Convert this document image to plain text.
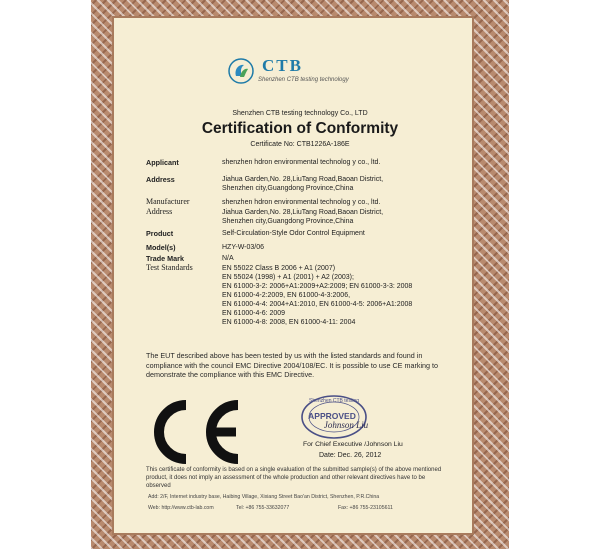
CTB
Shenzhen CTB testing technology
Shenzhen CTB testing technology Co., LTD
Certification of Conformity
Certificate No: CTB1226A-186E
Applicant	shenzhen hdron environmental technolog y co., ltd.
Address	Jiahua Garden,No. 28,LiuTang Road,Baoan District,
Shenzhen city,Guangdong Province,China
Manufacturer	shenzhen hdron environmental technolog y co., ltd.
Address	Jiahua Garden,No. 28,LiuTang Road,Baoan District,
Shenzhen city,Guangdong Province,China
Product	Self-Circulation-Style Odor Control Equipment
Model(s)	HZY-W-03/06
Trade Mark	N/A
Test Standards	EN 55022 Class B 2006 + A1 (2007)
EN 55024 (1998) + A1 (2001) + A2 (2003);
EN 61000-3-2: 2006+A1:2009+A2:2009; EN 61000-3-3: 2008
EN 61000-4-2:2009, EN 61000-4-3:2006,
EN 61000-4-4: 2004+A1:2010, EN 61000-4-5: 2006+A1:2008
EN 61000-4-6: 2009
EN 61000-4-8: 2008, EN 61000-4-11: 2004
The EUT described above has been tested by us with the listed standards and found in compliance with the council EMC Directive 2004/108/EC. It is possible to use CE marking to demonstrate the compliance with this EMC Directive.
Shenzhen CTB testing
APPROVED
Johnson Liu
For Chief Executive /Johnson Liu
Date: Dec. 26, 2012
This certificate of conformity is based on a single evaluation of the submitted sample(s) of the above mentioned product, it does not imply an assessment of the whole production and other relevant directives have to be observed
Add: 2/F, Internet industry base, Haibing Village, Xixiang Street Bao'an District, Shenzhen, P.R.China
Web: http://www.ctb-lab.com	Tel: +86 755-33632077	Fax: +86 755-23105611
